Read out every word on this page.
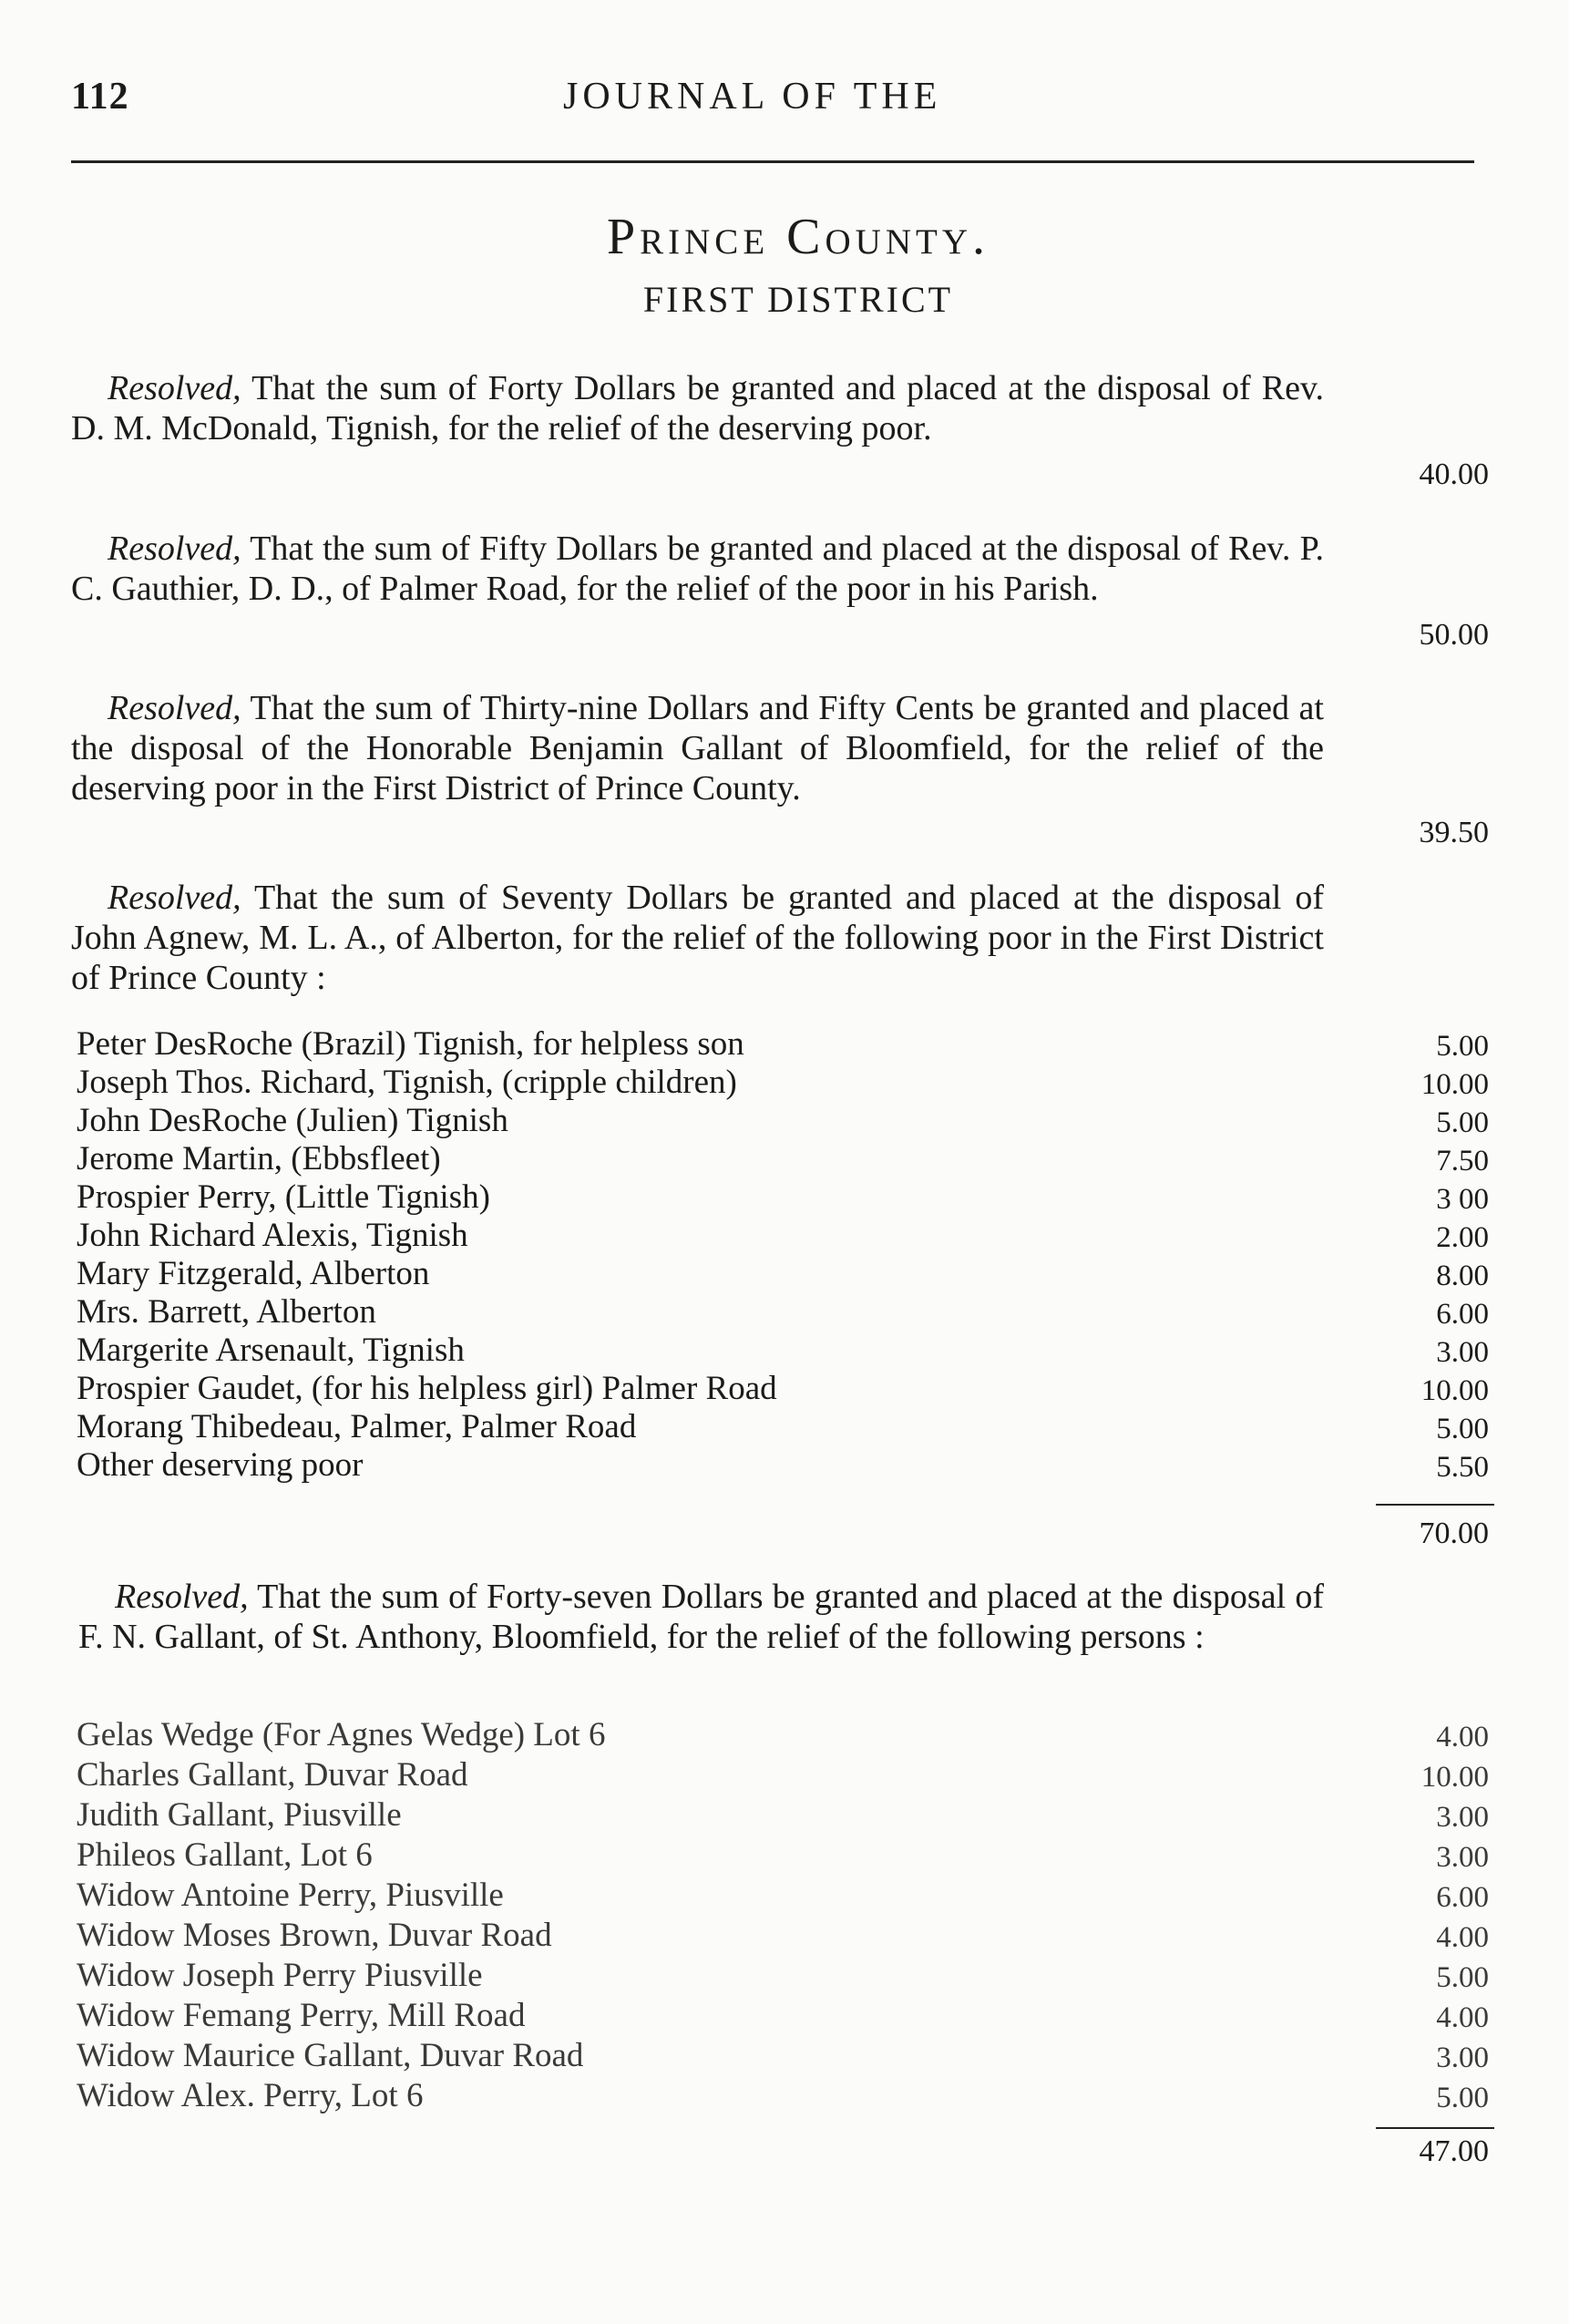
112	JOURNAL OF THE
Prince County.
FIRST DISTRICT
Resolved, That the sum of Forty Dollars be granted and placed at the disposal of Rev. D. M. McDonald, Tignish, for the relief of the deserving poor.
40.00
Resolved, That the sum of Fifty Dollars be granted and placed at the disposal of Rev. P. C. Gauthier, D. D., of Palmer Road, for the relief of the poor in his Parish.
50.00
Resolved, That the sum of Thirty-nine Dollars and Fifty Cents be granted and placed at the disposal of the Honorable Benjamin Gallant of Bloomfield, for the relief of the deserving poor in the First District of Prince County.
39.50
Resolved, That the sum of Seventy Dollars be granted and placed at the disposal of John Agnew, M. L. A., of Alberton, for the relief of the following poor in the First District of Prince County :
Peter DesRoche (Brazil) Tignish, for helpless son	5.00
Joseph Thos. Richard, Tignish, (cripple children)	10.00
John DesRoche (Julien) Tignish	5.00
Jerome Martin, (Ebbsfleet)	7.50
Prospier Perry, (Little Tignish)	3 00
John Richard Alexis, Tignish	2.00
Mary Fitzgerald, Alberton	8.00
Mrs. Barrett, Alberton	6.00
Margerite Arsenault, Tignish	3.00
Prospier Gaudet, (for his helpless girl) Palmer Road	10.00
Morang Thibedeau, Palmer, Palmer Road	5.00
Other deserving poor	5.50
70.00
Resolved, That the sum of Forty-seven Dollars be granted and placed at the disposal of F. N. Gallant, of St. Anthony, Bloomfield, for the relief of the following persons :
Gelas Wedge (For Agnes Wedge) Lot 6	4.00
Charles Gallant, Duvar Road	10.00
Judith Gallant, Piusville	3.00
Phileos Gallant, Lot 6	3.00
Widow Antoine Perry, Piusville	6.00
Widow Moses Brown, Duvar Road	4.00
Widow Joseph Perry Piusville	5.00
Widow Femang Perry, Mill Road	4.00
Widow Maurice Gallant, Duvar Road	3.00
Widow Alex. Perry, Lot 6	5.00
47.00
